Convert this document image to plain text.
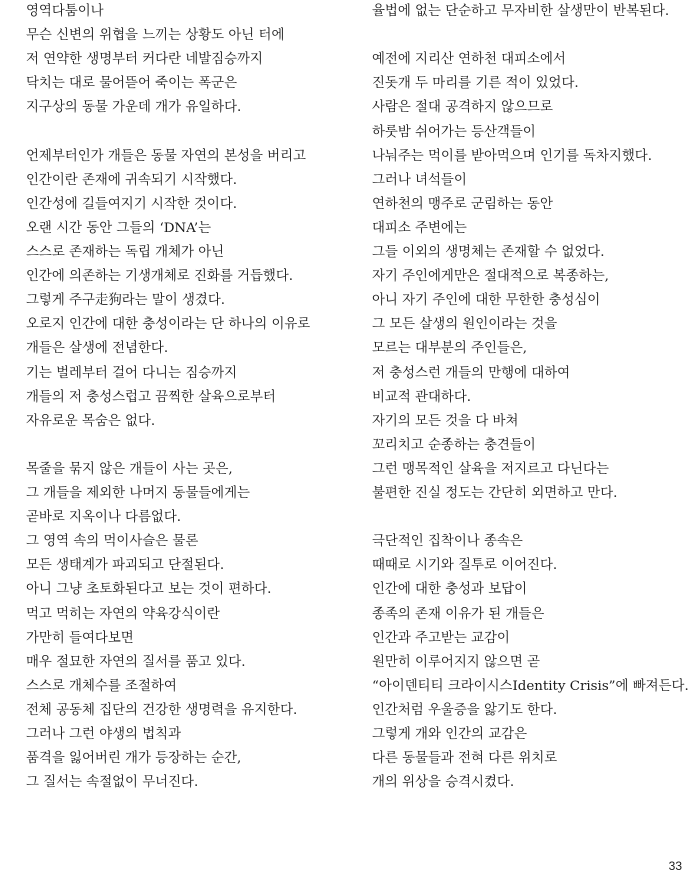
영역다툼이나
무슨 신변의 위협을 느끼는 상황도 아닌 터에
저 연약한 생명부터 커다란 네발짐승까지
닥치는 대로 물어뜯어 죽이는 폭군은
지구상의 동물 가운데 개가 유일하다.
언제부터인가 개들은 동물 자연의 본성을 버리고
인간이란 존재에 귀속되기 시작했다.
인간성에 길들여지기 시작한 것이다.
오랜 시간 동안 그들의 ‘DNA’는
스스로 존재하는 독립 개체가 아닌
인간에 의존하는 기생개체로 진화를 거듭했다.
그렇게 주구走狗라는 말이 생겼다.
오로지 인간에 대한 충성이라는 단 하나의 이유로
개들은 살생에 전념한다.
기는 벌레부터 걸어 다니는 짐승까지
개들의 저 충성스럽고 끔찍한 살육으로부터
자유로운 목숨은 없다.
목줄을 묶지 않은 개들이 사는 곳은,
그 개들을 제외한 나머지 동물들에게는
곧바로 지옥이나 다름없다.
그 영역 속의 먹이사슬은 물론
모든 생태계가 파괴되고 단절된다.
아니 그냥 초토화된다고 보는 것이 편하다.
먹고 먹히는 자연의 약육강식이란
가만히 들여다보면
매우 절묘한 자연의 질서를 품고 있다.
스스로 개체수를 조절하여
전체 공동체 집단의 건강한 생명력을 유지한다.
그러나 그런 야생의 법칙과
품격을 잃어버린 개가 등장하는 순간,
그 질서는 속절없이 무너진다.
율법에 없는 단순하고 무자비한 살생만이 반복된다.
예전에 지리산 연하천 대피소에서
진돗개 두 마리를 기른 적이 있었다.
사람은 절대 공격하지 않으므로
하룻밤 쉬어가는 등산객들이
나눠주는 먹이를 받아먹으며 인기를 독차지했다.
그러나 녀석들이
연하천의 맹주로 군림하는 동안
대피소 주변에는
그들 이외의 생명체는 존재할 수 없었다.
자기 주인에게만은 절대적으로 복종하는,
아니 자기 주인에 대한 무한한 충성심이
그 모든 살생의 원인이라는 것을
모르는 대부분의 주인들은,
저 충성스런 개들의 만행에 대하여
비교적 관대하다.
자기의 모든 것을 다 바쳐
꼬리치고 순종하는 충견들이
그런 맹목적인 살육을 저지르고 다닌다는
불편한 진실 정도는 간단히 외면하고 만다.
극단적인 집착이나 종속은
때때로 시기와 질투로 이어진다.
인간에 대한 충성과 보답이
종족의 존재 이유가 된 개들은
인간과 주고받는 교감이
원만히 이루어지지 않으면 곧
“아이덴티티 크라이시스Identity Crisis”에 빠져든다.
인간처럼 우울증을 앓기도 한다.
그렇게 개와 인간의 교감은
다른 동물들과 전혀 다른 위치로
개의 위상을 승격시켰다.
33
